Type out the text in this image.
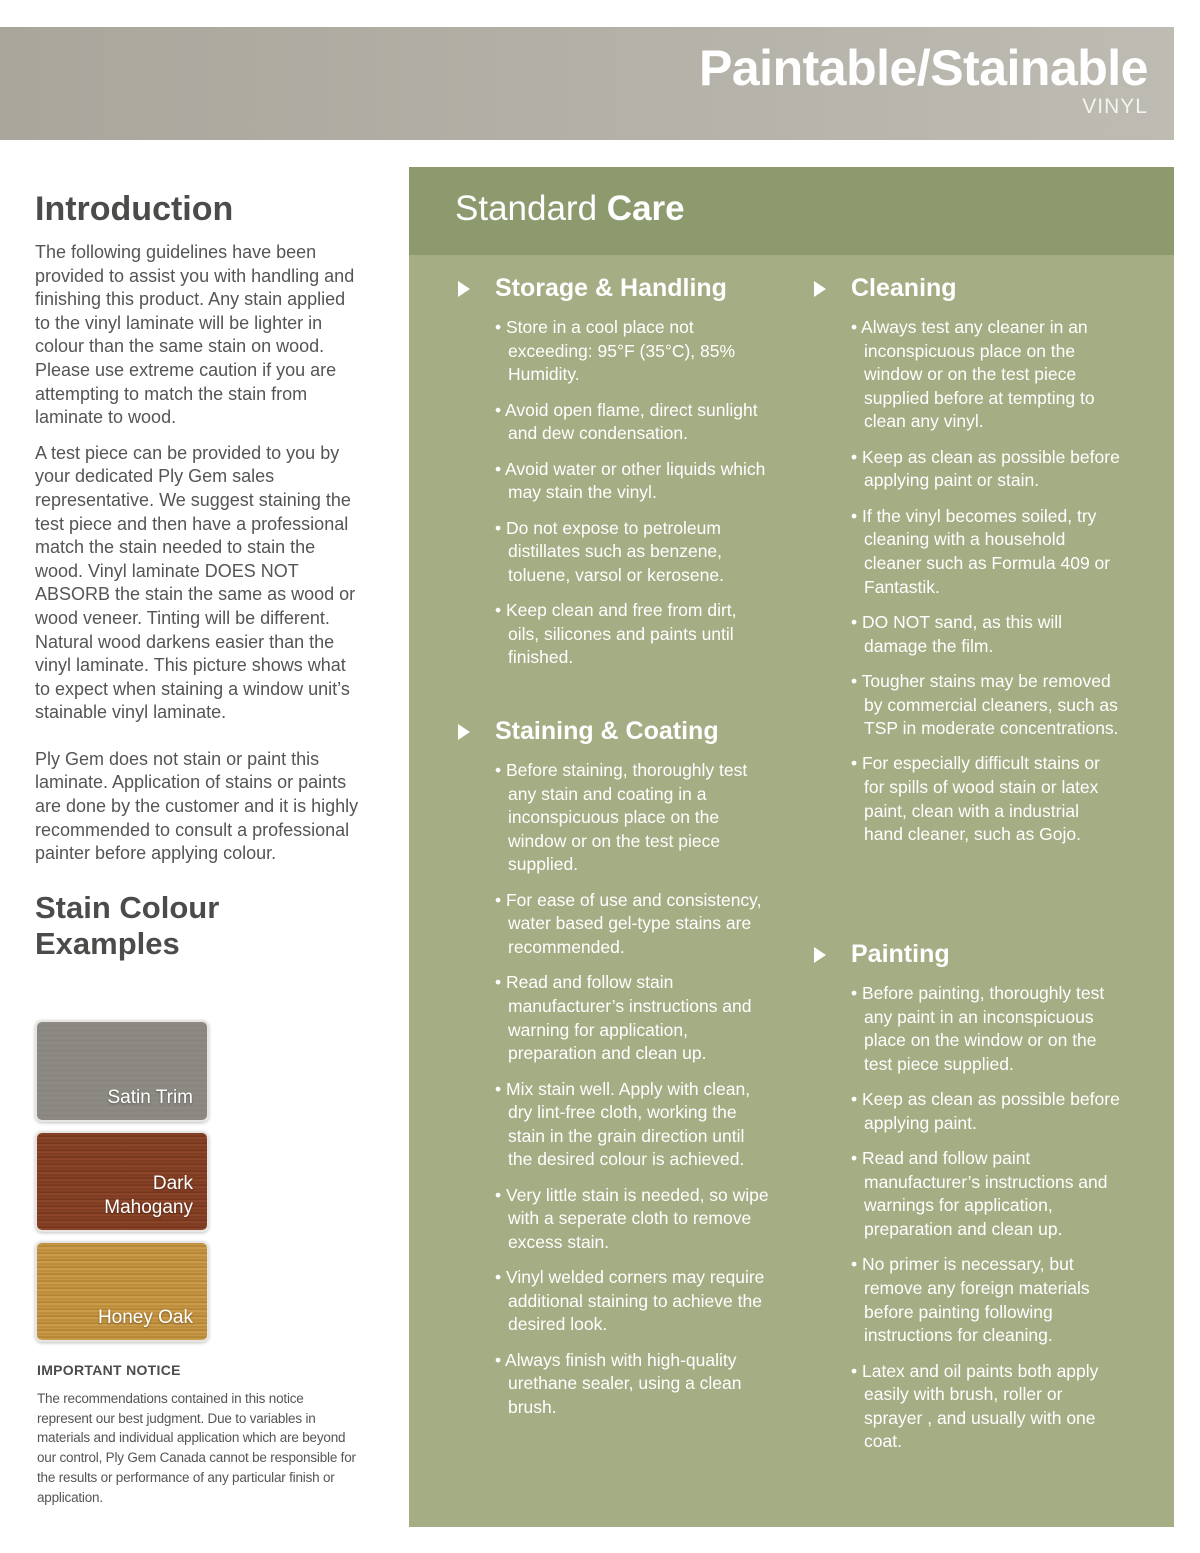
Paintable/Stainable
VINYL
Introduction

The following guidelines have been provided to assist you with handling and finishing this product. Any stain applied to the vinyl laminate will be lighter in colour than the same stain on wood. Please use extreme caution if you are attempting to match the stain from laminate to wood.

A test piece can be provided to you by your dedicated Ply Gem sales representative. We suggest staining the test piece and then have a professional match the stain needed to stain the wood. Vinyl laminate DOES NOT ABSORB the stain the same as wood or wood veneer. Tinting will be different. Natural wood darkens easier than the vinyl laminate. This picture shows what to expect when staining a window unit’s stainable vinyl laminate.

Ply Gem does not stain or paint this laminate. Application of stains or paints are done by the customer and it is highly recommended to consult a professional painter before applying colour.

Stain Colour Examples
Satin Trim
Dark Mahogany
Honey Oak
IMPORTANT NOTICE
The recommendations contained in this notice represent our best judgment. Due to variables in materials and individual application which are beyond our control, Ply Gem Canada cannot be responsible for the results or performance of any particular finish or application.
Standard Care
Storage & Handling
• Store in a cool place not exceeding: 95°F (35°C), 85% Humidity.
• Avoid open flame, direct sunlight and dew condensation.
• Avoid water or other liquids which may stain the vinyl.
• Do not expose to petroleum distillates such as benzene, toluene, varsol or kerosene.
• Keep clean and free from dirt, oils, silicones and paints until finished.
Staining & Coating
• Before staining, thoroughly test any stain and coating in a inconspicuous place on the window or on the test piece supplied.
• For ease of use and consistency, water based gel-type stains are recommended.
• Read and follow stain manufacturer’s instructions and warning for application, preparation and clean up.
• Mix stain well. Apply with clean, dry lint-free cloth, working the stain in the grain direction until the desired colour is achieved.
• Very little stain is needed, so wipe with a seperate cloth to remove excess stain.
• Vinyl welded corners may require additional staining to achieve the desired look.
• Always finish with high-quality urethane sealer, using a clean brush.
Cleaning
• Always test any cleaner in an inconspicuous place on the window or on the test piece supplied before at tempting to clean any vinyl.
• Keep as clean as possible before applying paint or stain.
• If the vinyl becomes soiled, try cleaning with a household cleaner such as Formula 409 or Fantastik.
• DO NOT sand, as this will damage the film.
• Tougher stains may be removed by commercial cleaners, such as TSP in moderate concentrations.
• For especially difficult stains or for spills of wood stain or latex paint, clean with a industrial hand cleaner, such as Gojo.
Painting
• Before painting, thoroughly test any paint in an inconspicuous place on the window or on the test piece supplied.
• Keep as clean as possible before applying paint.
• Read and follow paint manufacturer’s instructions and warnings for application, preparation and clean up.
• No primer is necessary, but remove any foreign materials before painting following instructions for cleaning.
• Latex and oil paints both apply easily with brush, roller or sprayer , and usually with one coat.
